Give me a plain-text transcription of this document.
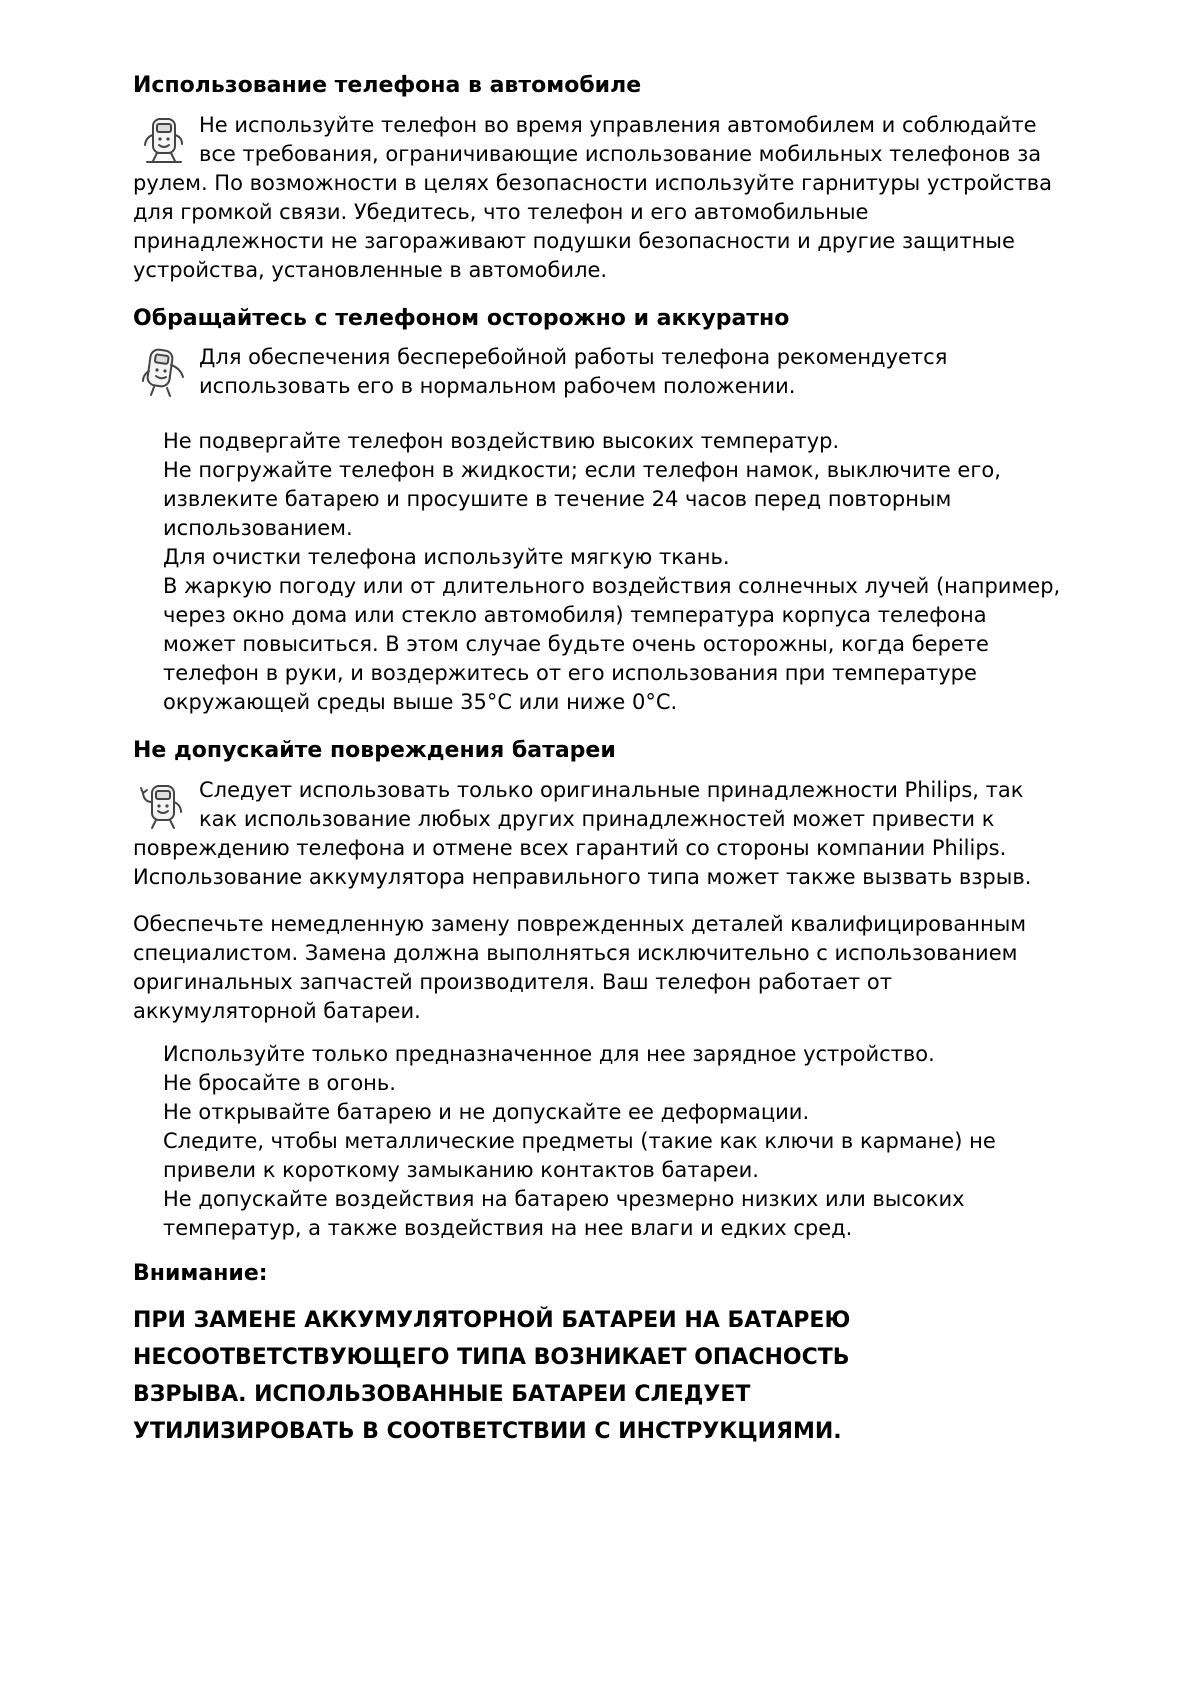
Использование телефона в автомобиле

Не используйте телефон во время управления автомобилем и соблюдайте все требования, ограничивающие использование мобильных телефонов за рулем. По возможности в целях безопасности используйте гарнитуры устройства для громкой связи. Убедитесь, что телефон и его автомобильные принадлежности не загораживают подушки безопасности и другие защитные устройства, установленные в автомобиле.

Обращайтесь с телефоном осторожно и аккуратно

Для обеспечения бесперебойной работы телефона рекомендуется использовать его в нормальном рабочем положении.

Не подвергайте телефон воздействию высоких температур.

Не погружайте телефон в жидкости; если телефон намок, выключите его, извлеките батарею и просушите в течение 24 часов перед повторным использованием.

Для очистки телефона используйте мягкую ткань.

В жаркую погоду или от длительного воздействия солнечных лучей (например, через окно дома или стекло автомобиля) температура корпуса телефона может повыситься. В этом случае будьте очень осторожны, когда берете телефон в руки, и воздержитесь от его использования при температуре окружающей среды выше 35°C или ниже 0°C.

Не допускайте повреждения батареи

Следует использовать только оригинальные принадлежности Philips, так как использование любых других принадлежностей может привести к повреждению телефона и отмене всех гарантий со стороны компании Philips. Использование аккумулятора неправильного типа может также вызвать взрыв.

Обеспечьте немедленную замену поврежденных деталей квалифицированным специалистом. Замена должна выполняться исключительно с использованием оригинальных запчастей производителя. Ваш телефон работает от аккумуляторной батареи.

Используйте только предназначенное для нее зарядное устройство.

Не бросайте в огонь.

Не открывайте батарею и не допускайте ее деформации.

Следите, чтобы металлические предметы (такие как ключи в кармане) не привели к короткому замыканию контактов батареи.

Не допускайте воздействия на батарею чрезмерно низких или высоких температур, а также воздействия на нее влаги и едких сред.

Внимание:

ПРИ ЗАМЕНЕ АККУМУЛЯТОРНОЙ БАТАРЕИ НА БАТАРЕЮ НЕСООТВЕТСТВУЮЩЕГО ТИПА ВОЗНИКАЕТ ОПАСНОСТЬ ВЗРЫВА. ИСПОЛЬЗОВАННЫЕ БАТАРЕИ СЛЕДУЕТ УТИЛИЗИРОВАТЬ В СООТВЕТСТВИИ С ИНСТРУКЦИЯМИ.
